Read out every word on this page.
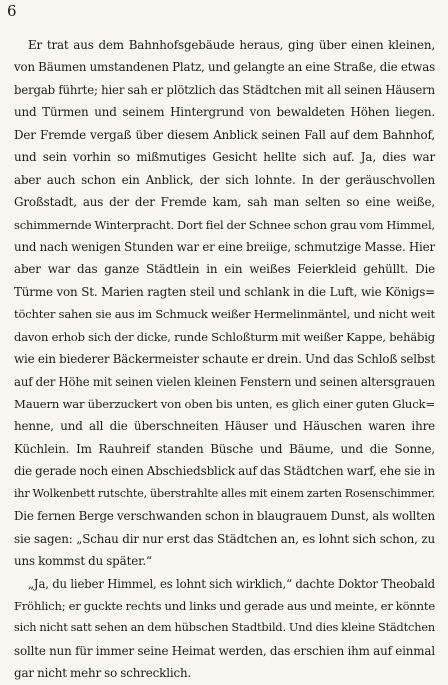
6
Er trat aus dem Bahnhofsgebäude heraus, ging über einen kleinen,
von Bäumen umstandenen Platz, und gelangte an eine Straße, die etwas
bergab führte; hier sah er plötzlich das Städtchen mit all seinen Häusern
und Türmen und seinem Hintergrund von bewaldeten Höhen liegen.
Der Fremde vergaß über diesem Anblick seinen Fall auf dem Bahnhof,
und sein vorhin so mißmutiges Gesicht hellte sich auf. Ja, dies war
aber auch schon ein Anblick, der sich lohnte. In der geräuschvollen
Großstadt, aus der der Fremde kam, sah man selten so eine weiße,
schimmernde Winterpracht. Dort fiel der Schnee schon grau vom Himmel,
und nach wenigen Stunden war er eine breiige, schmutzige Masse. Hier
aber war das ganze Städtlein in ein weißes Feierkleid gehüllt. Die
Türme von St. Marien ragten steil und schlank in die Luft, wie Königs=
töchter sahen sie aus im Schmuck weißer Hermelinmäntel, und nicht weit
davon erhob sich der dicke, runde Schloßturm mit weißer Kappe, behäbig
wie ein biederer Bäckermeister schaute er drein. Und das Schloß selbst
auf der Höhe mit seinen vielen kleinen Fenstern und seinen altersgrauen
Mauern war überzuckert von oben bis unten, es glich einer guten Gluck=
henne, und all die überschneiten Häuser und Häuschen waren ihre
Küchlein. Im Rauhreif standen Büsche und Bäume, und die Sonne,
die gerade noch einen Abschiedsblick auf das Städtchen warf, ehe sie in
ihr Wolkenbett rutschte, überstrahlte alles mit einem zarten Rosenschimmer.
Die fernen Berge verschwanden schon in blaugrauem Dunst, als wollten
sie sagen: „Schau dir nur erst das Städtchen an, es lohnt sich schon, zu
uns kommst du später.“
„Ja, du lieber Himmel, es lohnt sich wirklich,“ dachte Doktor Theobald
Fröhlich; er guckte rechts und links und gerade aus und meinte, er könnte
sich nicht satt sehen an dem hübschen Stadtbild. Und dies kleine Städtchen
sollte nun für immer seine Heimat werden, das erschien ihm auf einmal
gar nicht mehr so schrecklich.
